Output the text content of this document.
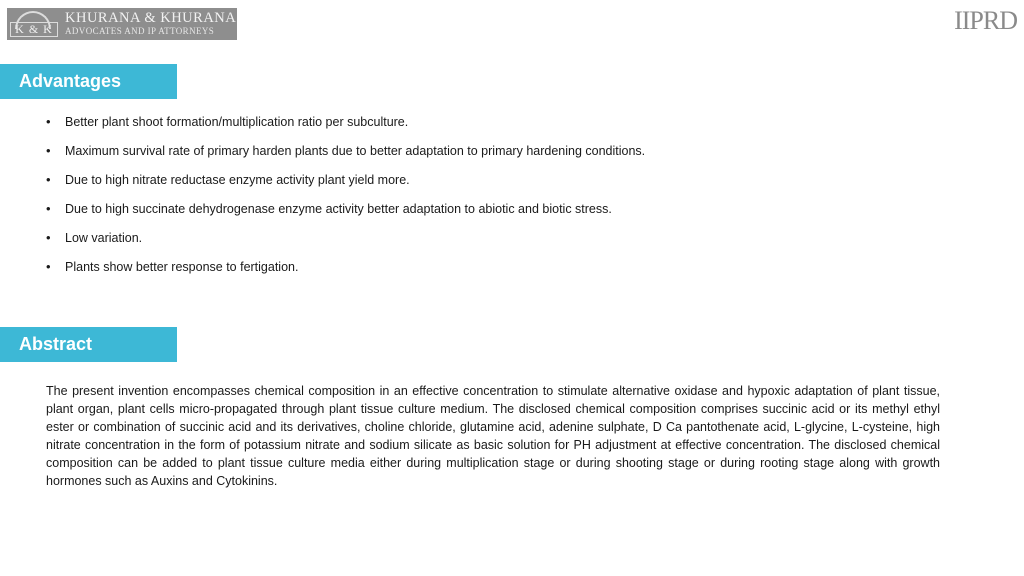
K & K
KHURANA & KHURANA
ADVOCATES AND IP ATTORNEYS	IIPRD
Advantages
• Better plant shoot formation/multiplication ratio per subculture.
• Maximum survival rate of primary harden plants due to better adaptation to primary hardening conditions.
• Due to high nitrate reductase enzyme activity plant yield more.
• Due to high succinate dehydrogenase enzyme activity better adaptation to abiotic and biotic stress.
• Low variation.
• Plants show better response to fertigation.
Abstract

The present invention encompasses chemical composition in an effective concentration to stimulate alternative oxidase and hypoxic adaptation of plant tissue, plant organ, plant cells micro-propagated through plant tissue culture medium. The disclosed chemical composition comprises succinic acid or its methyl ethyl ester or combination of succinic acid and its derivatives, choline chloride, glutamine acid, adenine sulphate, D Ca pantothenate acid, L-glycine, L-cysteine, high nitrate concentration in the form of potassium nitrate and sodium silicate as basic solution for PH adjustment at effective concentration. The disclosed chemical composition can be added to plant tissue culture media either during multiplication stage or during shooting stage or during rooting stage along with growth hormones such as Auxins and Cytokinins.
